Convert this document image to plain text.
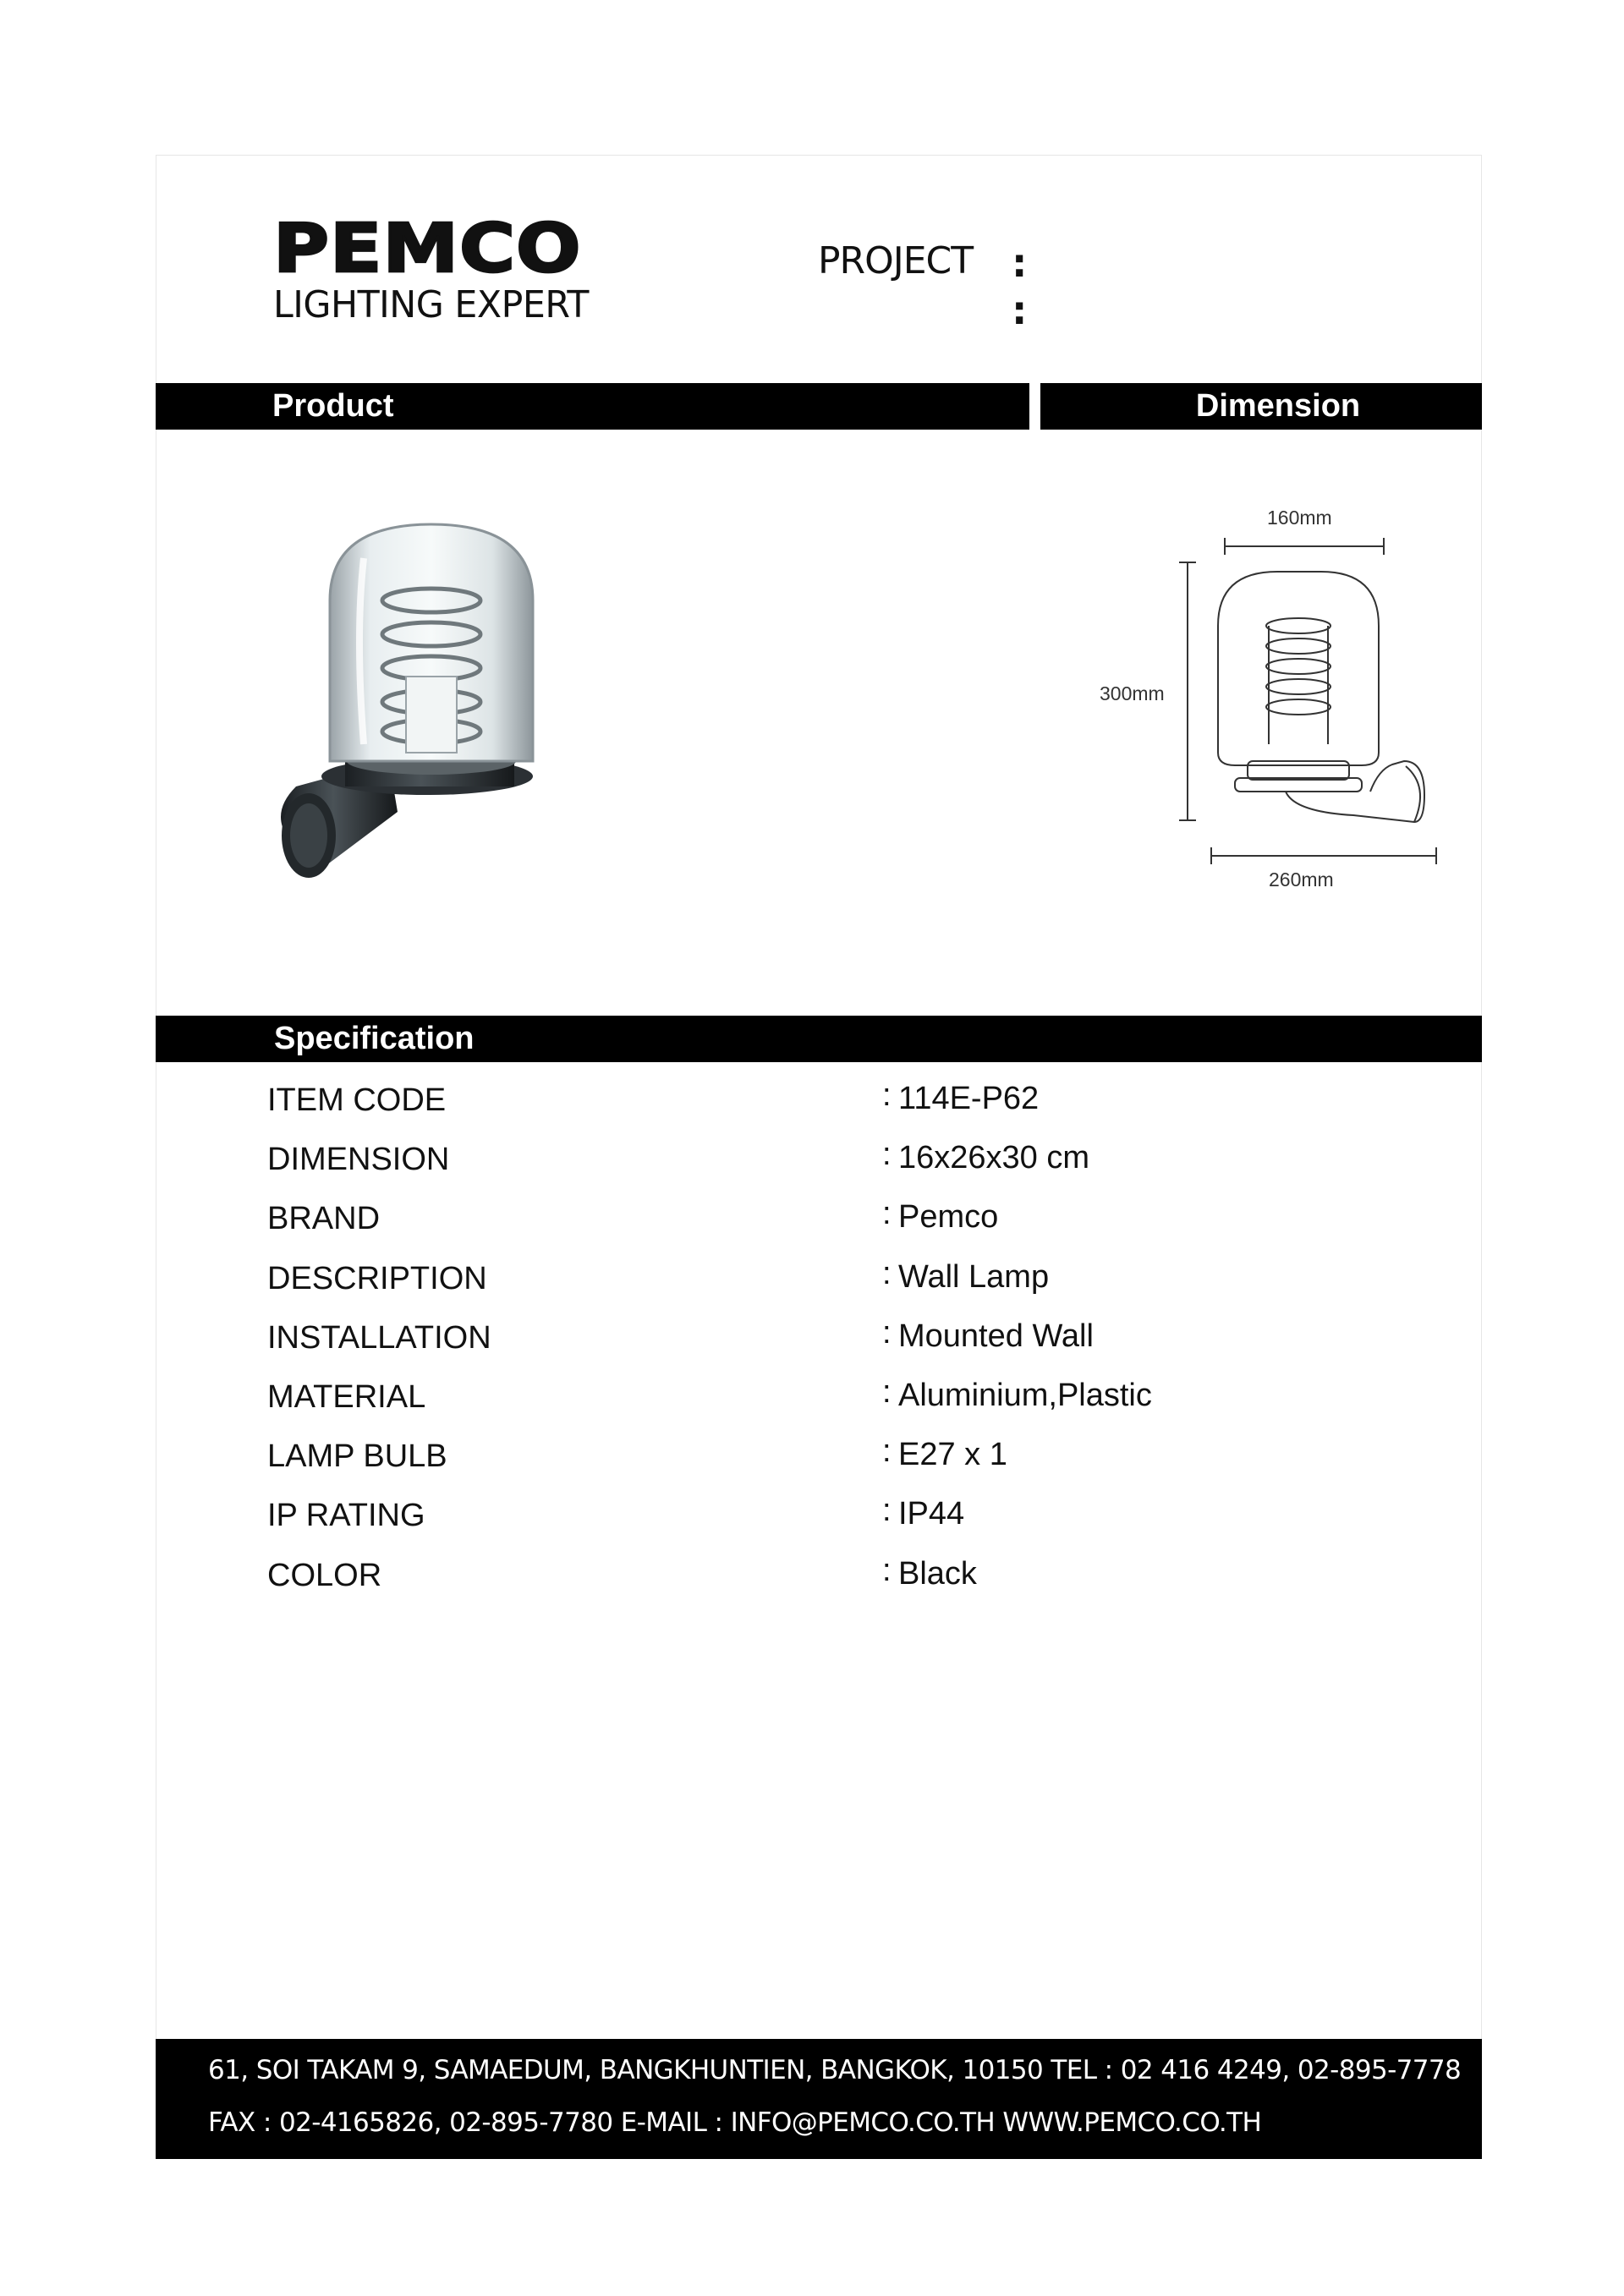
PEMCO
LIGHTING EXPERT
PROJECT :
:
Product	Dimension
160mm
300mm
260mm
Specification
ITEM CODE	: 114E-P62
DIMENSION	: 16x26x30 cm
BRAND	: Pemco
DESCRIPTION	: Wall Lamp
INSTALLATION	: Mounted Wall
MATERIAL	: Aluminium,Plastic
LAMP BULB	: E27 x 1
IP RATING	: IP44
COLOR	: Black
61, SOI TAKAM 9, SAMAEDUM, BANGKHUNTIEN, BANGKOK, 10150 TEL : 02 416 4249, 02-895-7778
FAX : 02-4165826, 02-895-7780 E-MAIL : INFO@PEMCO.CO.TH WWW.PEMCO.CO.TH
